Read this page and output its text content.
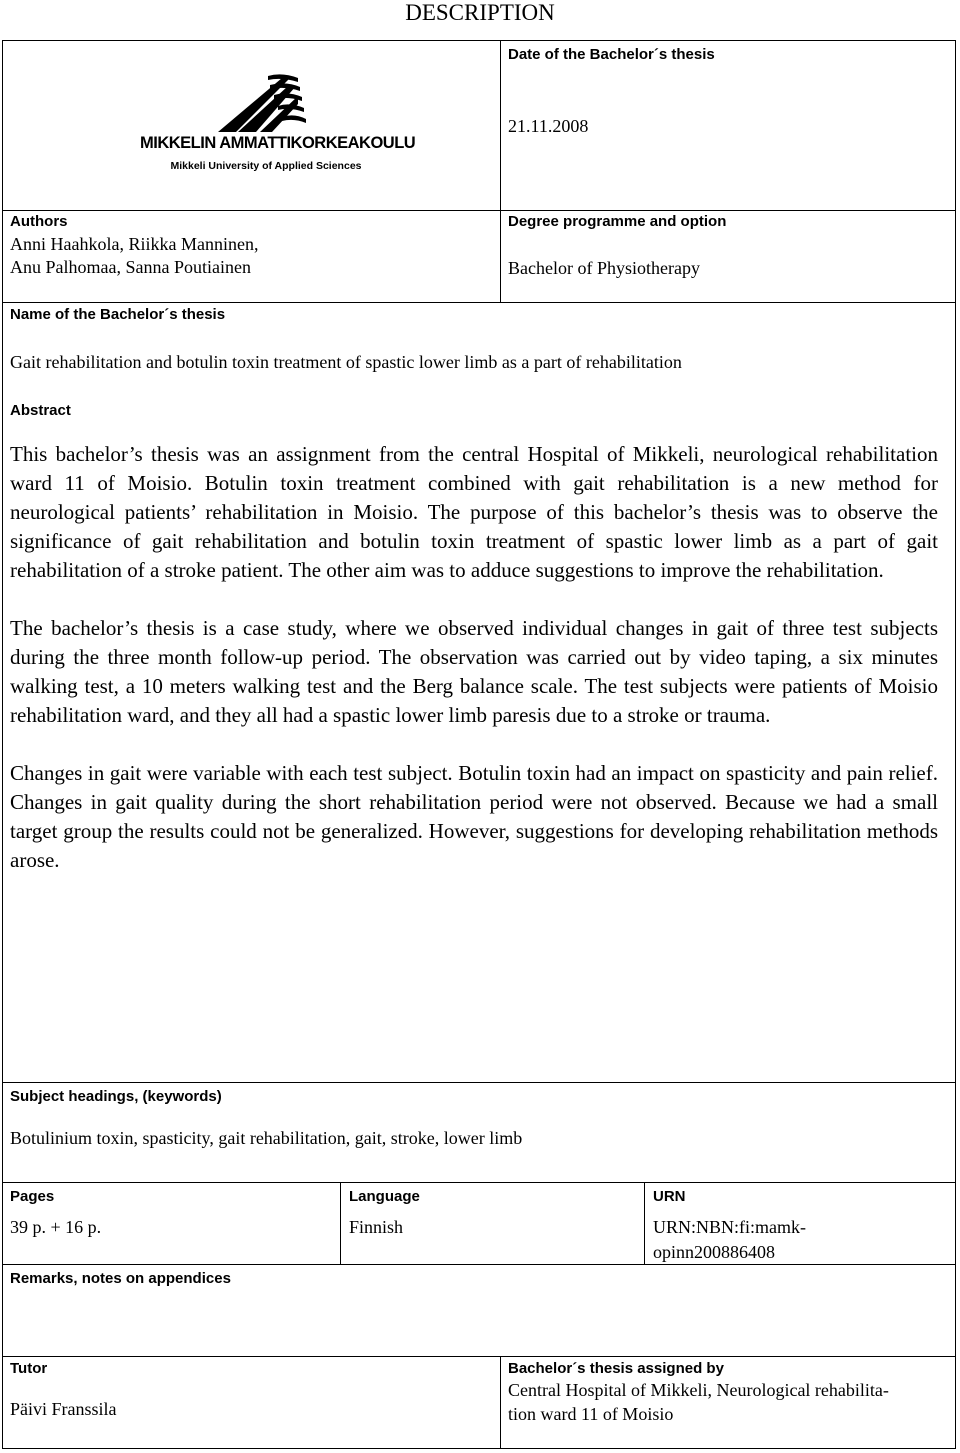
DESCRIPTION
MIKKELIN AMMATTIKORKEAKOULU
Mikkeli University of Applied Sciences
Date of the Bachelor´s thesis
21.11.2008
Authors
Anni Haahkola, Riikka Manninen,
Anu Palhomaa, Sanna Poutiainen
Degree programme and option
Bachelor of Physiotherapy
Name of the Bachelor´s thesis
Gait rehabilitation and botulin toxin treatment of spastic lower limb as a part of rehabilitation
Abstract

This bachelor’s thesis was an assignment from the central Hospital of Mikkeli, neurological rehabilitation ward 11 of Moisio. Botulin toxin treatment combined with gait rehabilitation is a new method for neurological patients’ rehabilitation in Moisio. The purpose of this bachelor’s thesis was to observe the significance of gait rehabilitation and botulin toxin treatment of spastic lower limb as a part of gait rehabilitation of a stroke patient. The other aim was to adduce suggestions to improve the rehabilitation.

The bachelor’s thesis is a case study, where we observed individual changes in gait of three test subjects during the three month follow-up period. The observation was carried out by video taping, a six minutes walking test, a 10 meters walking test and the Berg balance scale. The test subjects were patients of Moisio rehabilitation ward, and they all had a spastic lower limb paresis due to a stroke or trauma.

Changes in gait were variable with each test subject. Botulin toxin had an impact on spasticity and pain relief. Changes in gait quality during the short rehabilitation period were not observed. Because we had a small target group the results could not be generalized. However, suggestions for developing rehabilitation methods arose.

Subject headings, (keywords)
Botulinium toxin, spasticity, gait rehabilitation, gait, stroke, lower limb
Pages
39 p. + 16 p.
Language
Finnish
URN
URN:NBN:fi:mamk-
opinn200886408
Remarks, notes on appendices
Tutor
Päivi Franssila
Bachelor´s thesis assigned by
Central Hospital of Mikkeli, Neurological rehabilita-
tion ward 11 of Moisio
